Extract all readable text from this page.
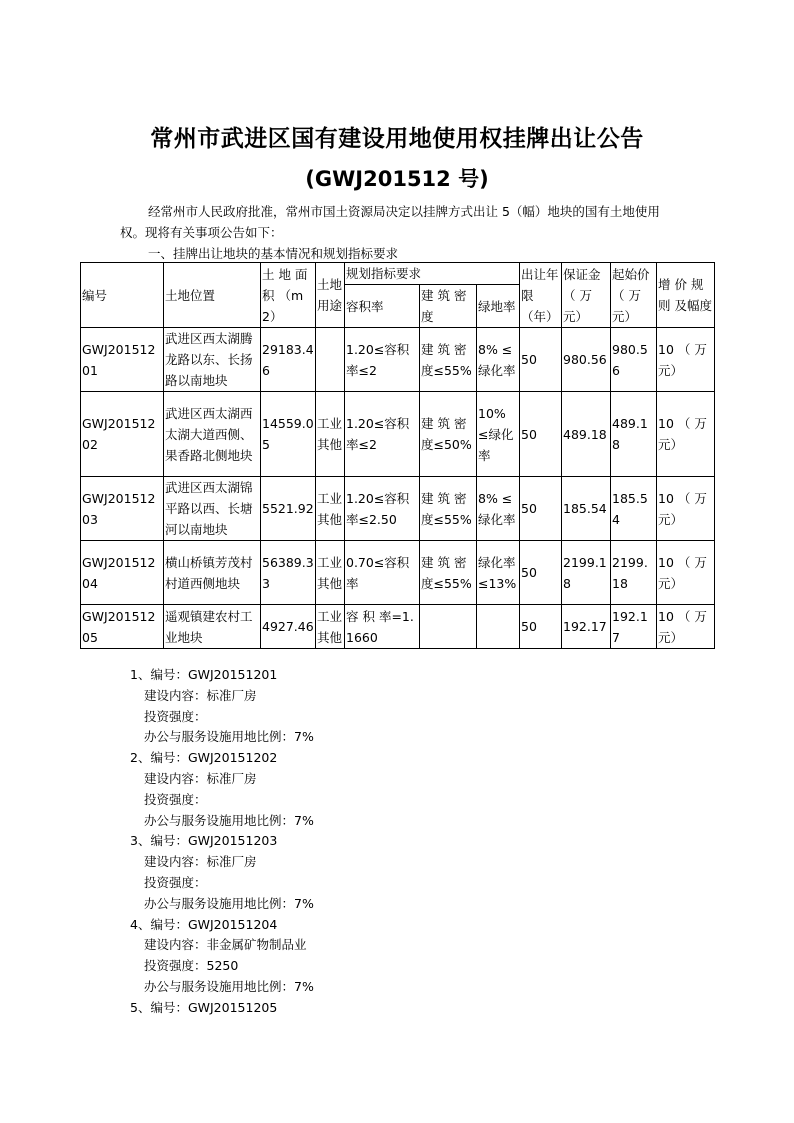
常州市武进区国有建设用地使用权挂牌出让公告
(GWJ201512 号)
经常州市人民政府批准，常州市国土资源局决定以挂牌方式出让 5（幅）地块的国有土地使用权。现将有关事项公告如下：
一、挂牌出让地块的基本情况和规划指标要求
编号	土地位置	土 地 面积 （m2）	土地用途	规划指标要求			出让年限（年）	保证金（ 万元）	起始价（ 万元）	增 价 规则 及幅度
				容积率	建 筑 密度	绿地率				
GWJ20151201	武进区西太湖腾龙路以东、长扬路以南地块	29183.46		1.20≤容积率≤2	建 筑 密度≤55%	8% ≤绿化率	50	980.56	980.56	10 （ 万元）
GWJ20151202	武进区西太湖西太湖大道西侧、果香路北侧地块	14559.05	工业其他	1.20≤容积率≤2	建 筑 密度≤50%	10% ≤绿化率	50	489.18	489.18	10 （ 万元）
GWJ20151203	武进区西太湖锦平路以西、长塘河以南地块	5521.92	工业其他	1.20≤容积率≤2.50	建 筑 密度≤55%	8% ≤绿化率	50	185.54	185.54	10 （ 万元）
GWJ20151204	横山桥镇芳茂村村道西侧地块	56389.33	工业其他	0.70≤容积率	建 筑 密度≤55%	绿化率≤13%	50	2199.18	2199.18	10 （ 万元）
GWJ20151205	遥观镇建农村工业地块	4927.46	工业其他	容 积 率=1.1660			50	192.17	192.17	10 （ 万元）
1、编号：GWJ20151201
建设内容：标准厂房
投资强度：
办公与服务设施用地比例：7%
2、编号：GWJ20151202
建设内容：标准厂房
投资强度：
办公与服务设施用地比例：7%
3、编号：GWJ20151203
建设内容：标准厂房
投资强度：
办公与服务设施用地比例：7%
4、编号：GWJ20151204
建设内容：非金属矿物制品业
投资强度：5250
办公与服务设施用地比例：7%
5、编号：GWJ20151205
